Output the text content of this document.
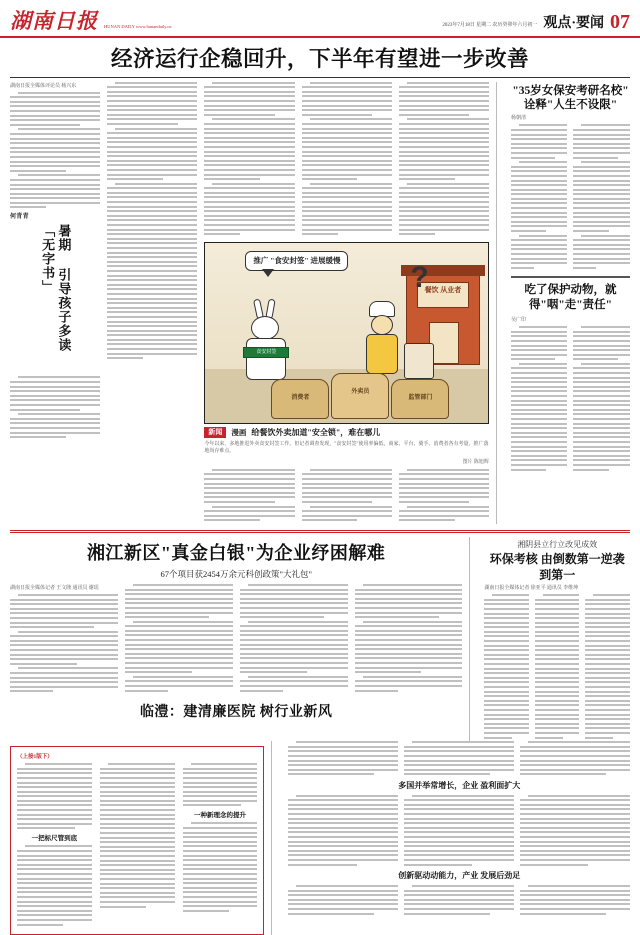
湖南日报 HUNAN DAILY www.hunandaily.cn	2023年7月18日 星期二 农历癸卯年六月初一 观点·要闻 07
经济运行企稳回升，下半年有望进一步改善
湖南日报全媒体评论员 杨兴东
何青青
暑期 引导孩子多读「无字书」	餐饮 从业者
推广 "食安封签" 进展缓慢
?
食安封签
消费者
外卖员
监管部门
新闻	漫画 给餐饮外卖加道"安全锁"，难在哪儿
今年以来，多地推进外卖食安封签工作。但记者调查发现，"食安封签"使用率偏低，商家、平台、骑手、消费者各有考量，推广落地尚存难点。
图片 陈旭辉
"35岁女保安考研名校" 诠释"人生不设限"
杨朝清
吃了保护动物，就得"咽"走"责任"
吴广印
湘江新区"真金白银"为企业纾困解难
67个项目获2454万余元科创政策"大礼包"
湖南日报全媒体记者 王文隆 通讯员 谢瑶
临澧：建清廉医院 树行业新风
湘阴县立行立改见成效
环保考核 由倒数第一逆袭到第一
湖南日报全媒体记者 徐亚平 通讯员 李维坤
（上接1版下）
一把标尺管到底
一种新理念的提升
多国并举常增长，企业 盈利面扩大
创新驱动动能力，产业 发展后劲足
